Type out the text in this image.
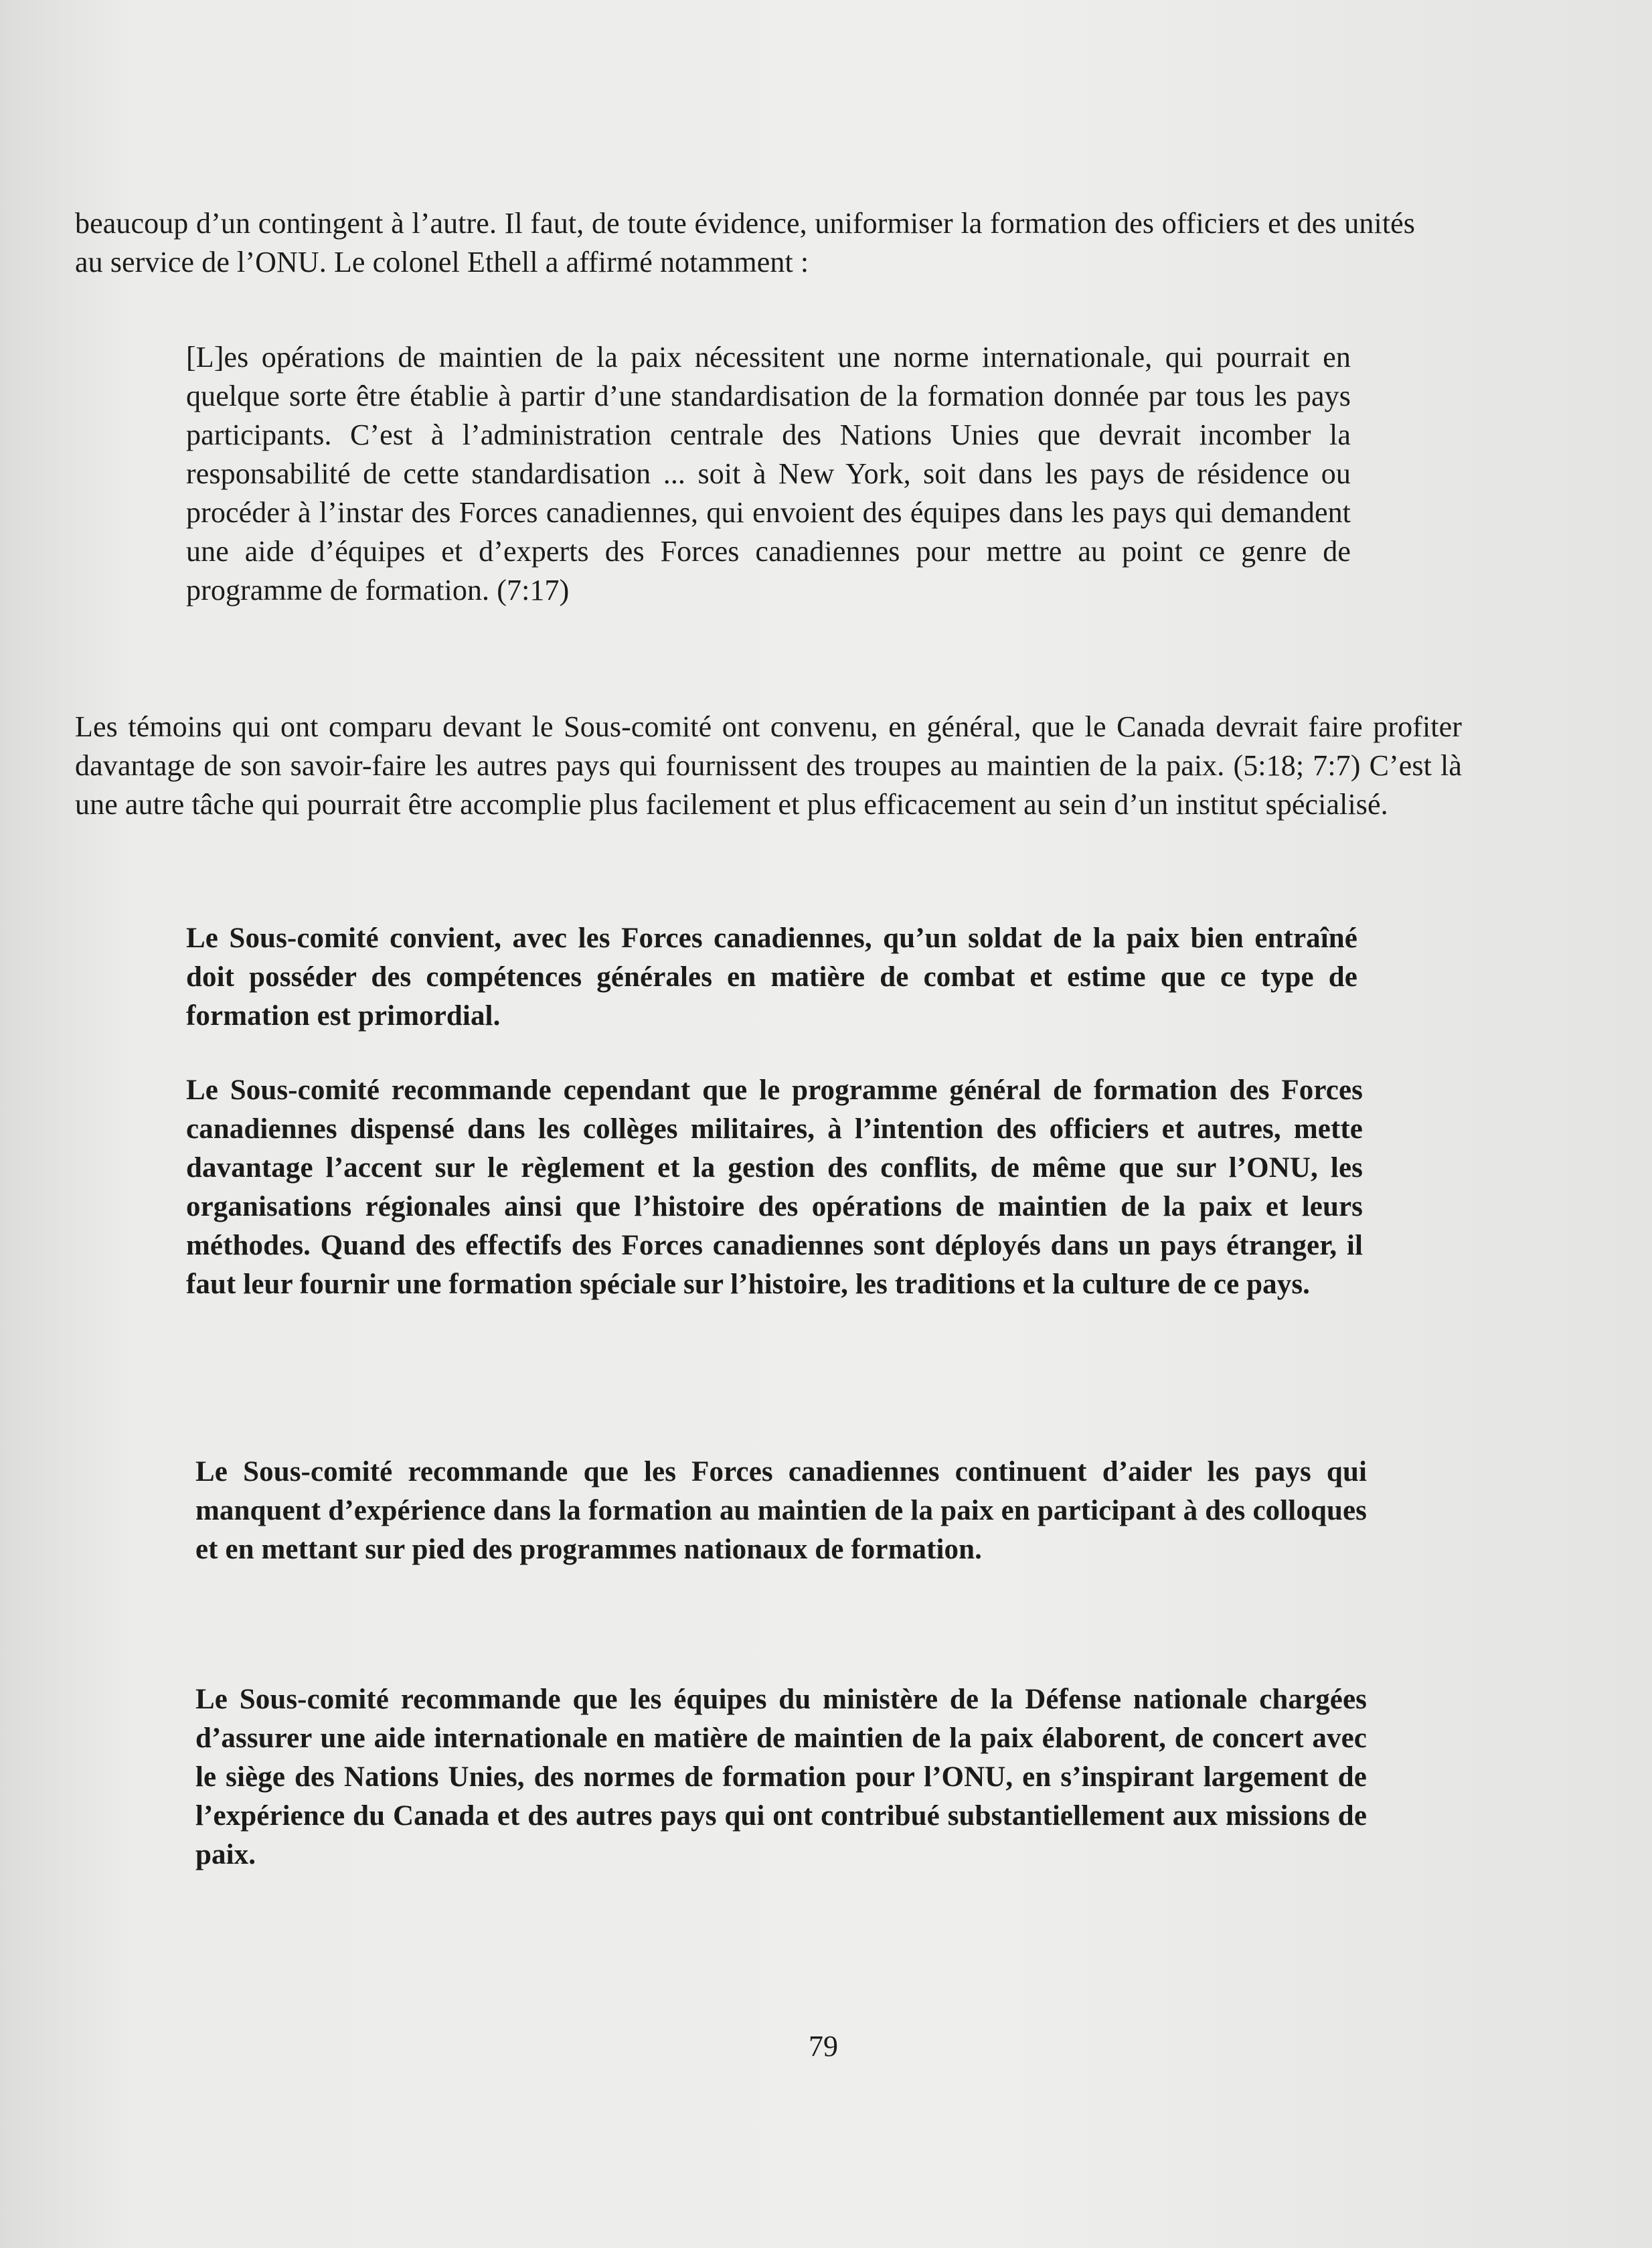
beaucoup d’un contingent à l’autre. Il faut, de toute évidence, uniformiser la formation des officiers et des unités au service de l’ONU. Le colonel Ethell a affirmé notamment :

[L]es opérations de maintien de la paix nécessitent une norme internationale, qui pourrait en quelque sorte être établie à partir d’une standardisation de la formation donnée par tous les pays participants. C’est à l’administration centrale des Nations Unies que devrait incomber la responsabilité de cette standardisation ... soit à New York, soit dans les pays de résidence ou procéder à l’instar des Forces canadiennes, qui envoient des équipes dans les pays qui demandent une aide d’équipes et d’experts des Forces canadiennes pour mettre au point ce genre de programme de formation. (7:17)

Les témoins qui ont comparu devant le Sous-comité ont convenu, en général, que le Canada devrait faire profiter davantage de son savoir-faire les autres pays qui fournissent des troupes au maintien de la paix. (5:18; 7:7) C’est là une autre tâche qui pourrait être accomplie plus facilement et plus efficacement au sein d’un institut spécialisé.

Le Sous-comité convient, avec les Forces canadiennes, qu’un soldat de la paix bien entraîné doit posséder des compétences générales en matière de combat et estime que ce type de formation est primordial.

Le Sous-comité recommande cependant que le programme général de formation des Forces canadiennes dispensé dans les collèges militaires, à l’intention des officiers et autres, mette davantage l’accent sur le règlement et la gestion des conflits, de même que sur l’ONU, les organisations régionales ainsi que l’histoire des opérations de maintien de la paix et leurs méthodes. Quand des effectifs des Forces canadiennes sont déployés dans un pays étranger, il faut leur fournir une formation spéciale sur l’histoire, les traditions et la culture de ce pays.

Le Sous-comité recommande que les Forces canadiennes continuent d’aider les pays qui manquent d’expérience dans la formation au maintien de la paix en participant à des colloques et en mettant sur pied des programmes nationaux de formation.

Le Sous-comité recommande que les équipes du ministère de la Défense nationale chargées d’assurer une aide internationale en matière de maintien de la paix élaborent, de concert avec le siège des Nations Unies, des normes de formation pour l’ONU, en s’inspirant largement de l’expérience du Canada et des autres pays qui ont contribué substantiellement aux missions de paix.

79
